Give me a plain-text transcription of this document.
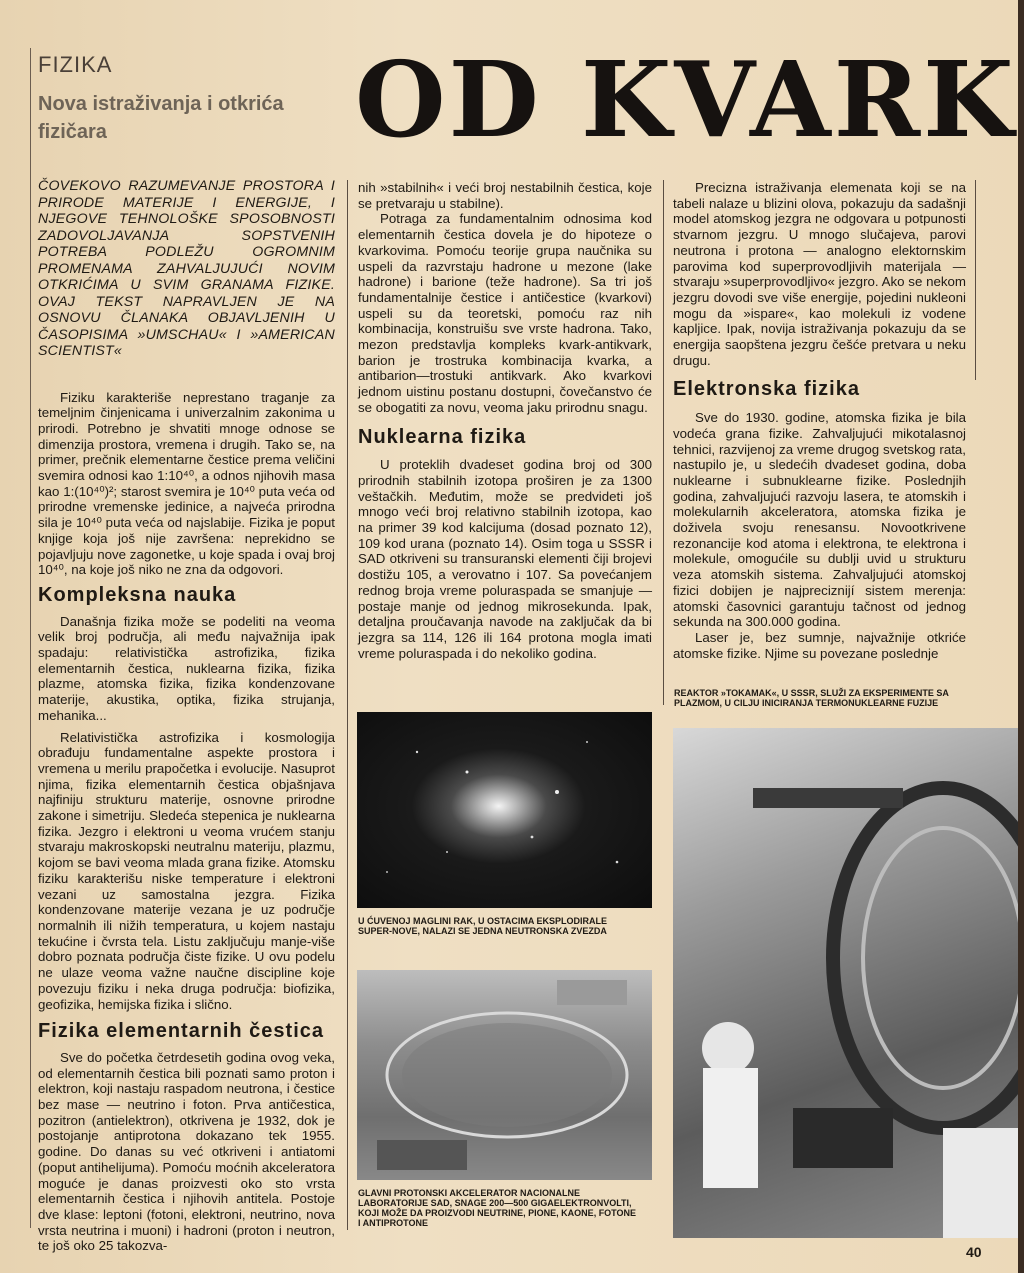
FIZIKA
Nova istraživanja i otkrića fizičara	OD KVARK
ČOVEKOVO RAZUMEVANJE PROSTORA I PRIRODE MATERIJE I ENERGIJE, I NJEGOVE TEHNOLOŠKE SPOSOBNOSTI ZADOVOLJAVANJA SOPSTVENIH POTREBA PODLEŽU OGROMNIM PROMENAMA ZAHVALJUJUĆI NOVIM OTKRIĆIMA U SVIM GRANAMA FIZIKE. OVAJ TEKST NAPRAVLJEN JE NA OSNOVU ČLANAKA OBJAVLJENIH U ČASOPISIMA »UMSCHAU« I »AMERICAN SCIENTIST«

Fiziku karakteriše neprestano traganje za temeljnim činjenicama i univerzalnim zakonima u prirodi. Potrebno je shvatiti mnoge odnose se dimenzija prostora, vremena i drugih. Tako se, na primer, prečnik elementarne čestice prema veličini svemira odnosi kao 1:10⁴⁰, a odnos njihovih masa kao 1:(10⁴⁰)²; starost svemira je 10⁴⁰ puta veća od prirodne vremenske jedinice, a najveća prirodna sila je 10⁴⁰ puta veća od najslabije. Fizika je poput knjige koja još nije završena: neprekidno se pojavljuju nove zagonetke, u koje spada i ovaj broj 10⁴⁰, na koje još niko ne zna da odgovori.

Kompleksna nauka

Današnja fizika može se podeliti na veoma velik broj područja, ali među najvažnija ipak spadaju: relativistička astrofizika, fizika elementarnih čestica, nuklearna fizika, fizika plazme, atomska fizika, fizika kondenzovane materije, akustika, optika, fizika strujanja, mehanika...

Relativistička astrofizika i kosmologija obrađuju fundamentalne aspekte prostora i vremena u merilu prapočetka i evolucije. Nasuprot njima, fizika elementarnih čestica objašnjava najfiniju strukturu materije, osnovne prirodne zakone i simetriju. Sledeća stepenica je nuklearna fizika. Jezgro i elektroni u veoma vrućem stanju stvaraju makroskopski neutralnu materiju, plazmu, kojom se bavi veoma mlada grana fizike. Atomsku fiziku karakterišu niske temperature i elektroni vezani uz samostalna jezgra. Fizika kondenzovane materije vezana je uz područje normalnih ili nižih temperatura, u kojem nastaju tekućine i čvrsta tela. Listu zaključuju manje-više dobro poznata područja čiste fizike. U ovu podelu ne ulaze veoma važne naučne discipline koje povezuju fiziku i neka druga područja: biofizika, geofizika, hemijska fizika i slično.

Fizika elementarnih čestica

Sve do početka četrdesetih godina ovog veka, od elementarnih čestica bili poznati samo proton i elektron, koji nastaju raspadom neutrona, i čestice bez mase — neutrino i foton. Prva antičestica, pozitron (antielektron), otkrivena je 1932, dok je postojanje antiprotona dokazano tek 1955. godine. Do danas su već otkriveni i antiatomi (poput antihelijuma). Pomoću moćnih akceleratora moguće je danas proizvesti oko sto vrsta elementarnih čestica i njihovih antitela. Postoje dve klase: leptoni (fotoni, elektroni, neutrino, nova vrsta neutrina i muoni) i hadroni (proton i neutron, te još oko 25 takozva-

nih »stabilnih« i veći broj nestabilnih čestica, koje se pretvaraju u stabilne).

Potraga za fundamentalnim odnosima kod elementarnih čestica dovela je do hipoteze o kvarkovima. Pomoću teorije grupa naučnika su uspeli da razvrstaju hadrone u mezone (lake hadrone) i barione (teže hadrone). Sa tri još fundamentalnije čestice i antičestice (kvarkovi) uspeli su da teoretski, pomoću raz nih kombinacija, konstruišu sve vrste hadrona. Tako, mezon predstavlja kompleks kvark-antikvark, barion je trostruka kombinacija kvarka, a antibarion—trostuki antikvark. Ako kvarkovi jednom uistinu postanu dostupni, čovečanstvo će se obogatiti za novu, veoma jaku prirodnu snagu.

Nuklearna fizika

U proteklih dvadeset godina broj od 300 prirodnih stabilnih izotopa proširen je za 1300 veštačkih. Međutim, može se predvideti još mnogo veći broj relativno stabilnih izotopa, kao na primer 39 kod kalcijuma (dosad poznato 12), 109 kod urana (poznato 14). Osim toga u SSSR i SAD otkriveni su transuranski elementi čiji brojevi dostižu 105, a verovatno i 107. Sa povećanjem rednog broja vreme poluraspada se smanjuje — postaje manje od jednog mikrosekunda. Ipak, detaljna proučavanja navode na zaključak da bi jezgra sa 114, 126 ili 164 protona mogla imati vreme poluraspada i do nekoliko godina.

U ĆUVENOJ MAGLINI RAK, U OSTACIMA EKSPLODIRALE SUPER-NOVE, NALAZI SE JEDNA NEUTRONSKA ZVEZDA
GLAVNI PROTONSKI AKCELERATOR NACIONALNE LABORATORIJE SAD, SNAGE 200—500 GIGAELEKTRONVOLTI, KOJI MOŽE DA PROIZVODI NEUTRINE, PIONE, KAONE, FOTONE I ANTIPROTONE

Precizna istraživanja elemenata koji se na tabeli nalaze u blizini olova, pokazuju da sadašnji model atomskog jezgra ne odgovara u potpunosti stvarnom jezgru. U mnogo slučajeva, parovi neutrona i protona — analogno elektornskim parovima kod superprovodljivih materijala — stvaraju »superprovodljivo« jezgro. Ako se nekom jezgru dovodi sve više energije, pojedini nukleoni mogu da »ispare«, kao molekuli iz vodene kapljice. Ipak, novija istraživanja pokazuju da se energija saopštena jezgru češće pretvara u neku drugu.

Elektronska fizika

Sve do 1930. godine, atomska fizika je bila vodeća grana fizike. Zahvaljujući mikotalasnoj tehnici, razvijenoj za vreme drugog svetskog rata, nastupilo je, u sledećih dvadeset godina, doba nuklearne i subnuklearne fizike. Poslednjih godina, zahvaljujući razvoju lasera, te atomskih i molekularnih akceleratora, atomska fizika je doživela svoju renesansu. Novootkrivene rezonancije kod atoma i elektrona, te elektrona i molekule, omogućile su dublji uvid u strukturu veza atomskih sistema. Zahvaljujući atomskoj fizici dobijen je najpreciznijí sistem merenja: atomski časovnici garantuju tačnost od jednog sekunda na 300.000 godina.

Laser je, bez sumnje, najvažnije otkriće atomske fizike. Njime su povezane poslednje

REAKTOR »TOKAMAK«, U SSSR, SLUŽI ZA EKSPERIMENTE SA PLAZMOM, U CILJU INICIRANJA TERMONUKLEARNE FUZIJE
40
